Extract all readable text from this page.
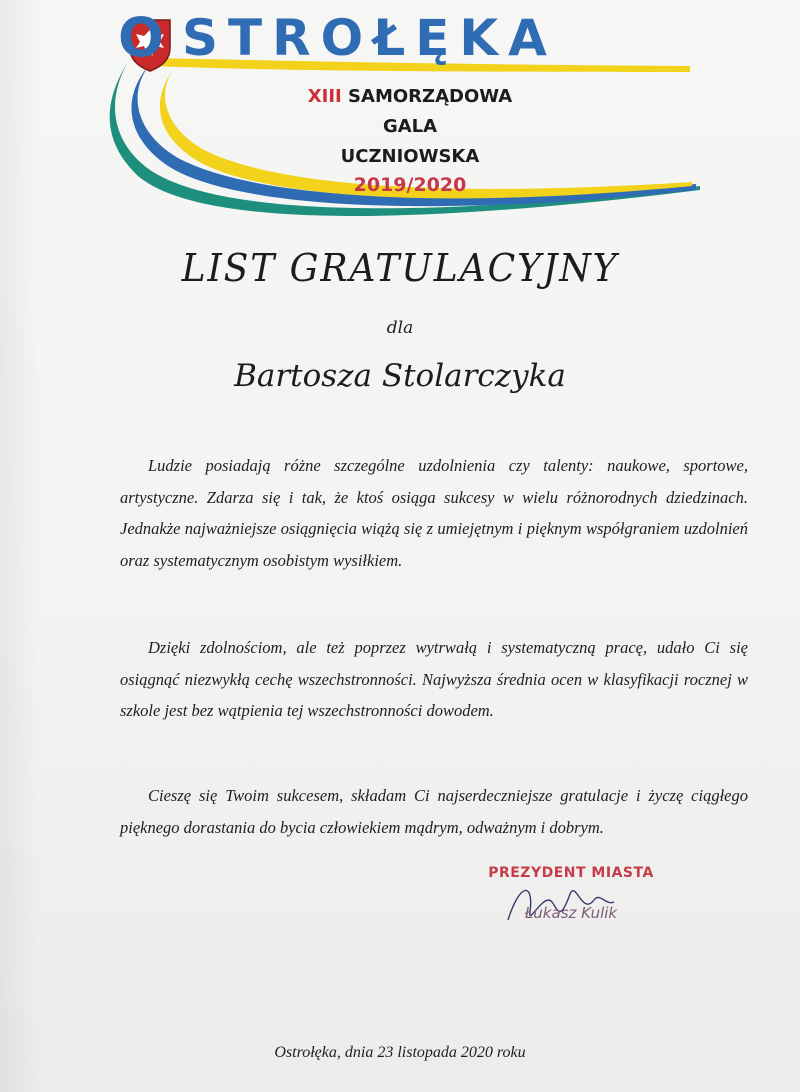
O STROŁĘKA
XIII SAMORZĄDOWA
GALA
UCZNIOWSKA
2019/2020
LIST GRATULACYJNY
dla
Bartosza Stolarczyka

Ludzie posiadają różne szczególne uzdolnienia czy talenty: naukowe, sportowe, artystyczne. Zdarza się i tak, że ktoś osiąga sukcesy w wielu różnorodnych dziedzinach. Jednakże najważniejsze osiągnięcia wiążą się z umiejętnym i pięknym współgraniem uzdolnień oraz systematycznym osobistym wysiłkiem.

Dzięki zdolnościom, ale też poprzez wytrwałą i systematyczną pracę, udało Ci się osiągnąć niezwykłą cechę wszechstronności. Najwyższa średnia ocen w klasyfikacji rocznej w szkole jest bez wątpienia tej wszechstronności dowodem.

Cieszę się Twoim sukcesem, składam Ci najserdeczniejsze gratulacje i życzę ciągłego pięknego dorastania do bycia człowiekiem mądrym, odważnym i dobrym.

PREZYDENT MIASTA
Łukasz Kulik
Ostrołęka, dnia 23 listopada 2020 roku
